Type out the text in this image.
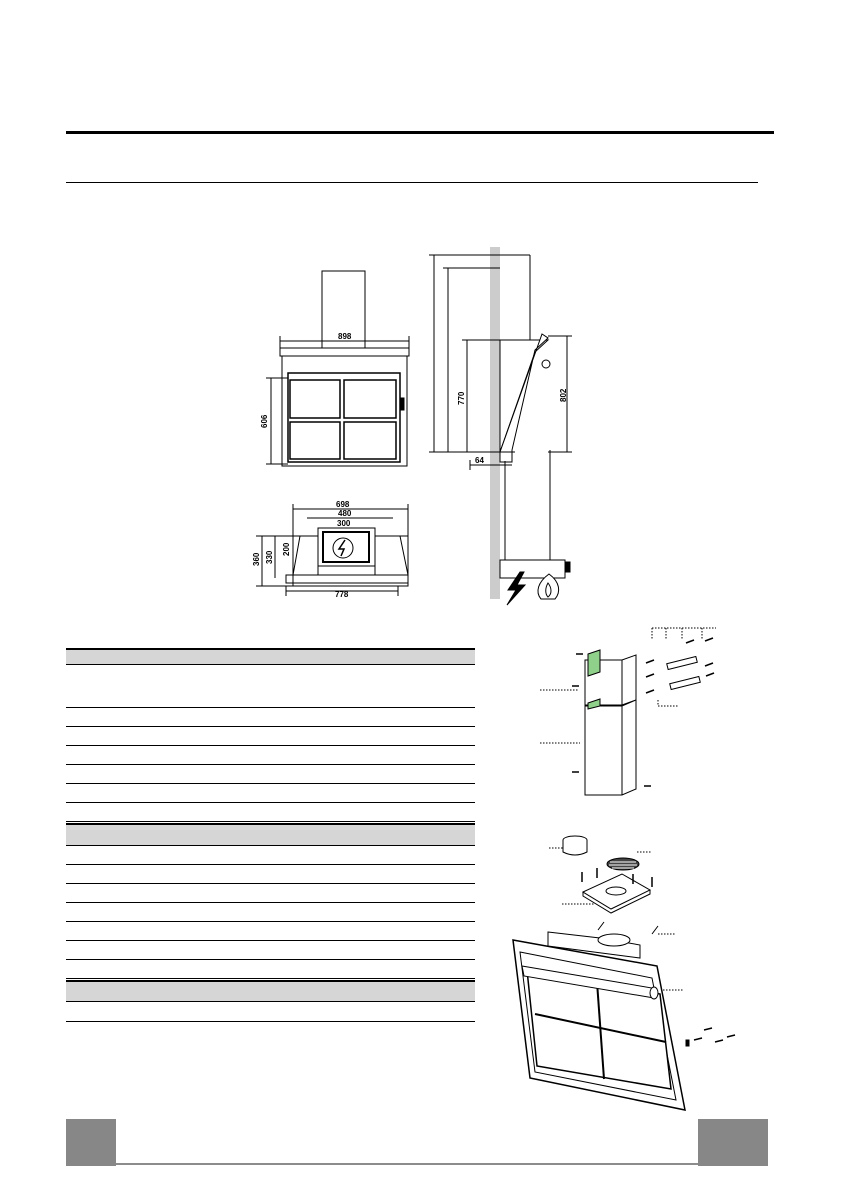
898
606
770	802
64
698
480
300
360 330
200
778
